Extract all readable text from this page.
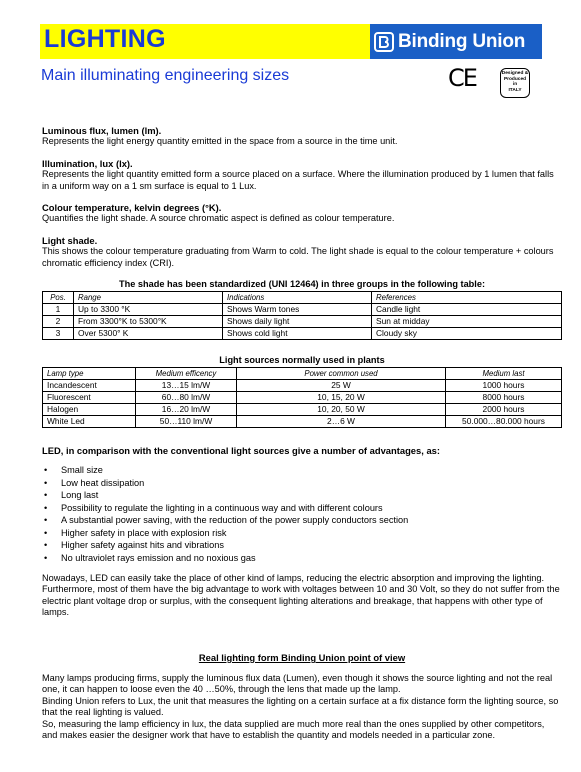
LIGHTING	Binding Union
Main illuminating engineering sizes	CE	Designed &
Produced
in
ITALY

Luminous flux, lumen (lm).

Represents the light energy quantity emitted in the space from a source in the time unit.

Illumination, lux (lx).

Represents the light quantity emitted form a source placed on a surface. Where the illumination produced by 1 lumen that falls in a uniform way on a 1 sm surface is equal to 1 Lux.

Colour temperature, kelvin degrees (°K).

Quantifies the light shade. A source chromatic aspect is defined as colour temperature.

Light shade.

This shows the colour temperature graduating from Warm to cold. The light shade is equal to the colour temperature + colours chromatic efficiency index (CRI).

The shade has been standardized (UNI 12464) in three groups in the following table:
Pos.	Range	Indications	References
1	Up to 3300 °K	Shows Warm tones	Candle light
2	From 3300°K to 5300°K	Shows daily light	Sun at midday
3	Over 5300° K	Shows cold light	Cloudy sky
Light sources normally used in plants
Lamp type	Medium efficency	Power common used	Medium last
Incandescent	13…15 lm/W	25 W	1000 hours
Fluorescent	60…80 lm/W	10, 15, 20 W	8000 hours
Halogen	16…20 lm/W	10, 20, 50 W	2000 hours
White Led	50…110 lm/W	2…6 W	50.000…80.000 hours
LED, in comparison with the conventional light sources give a number of advantages, as:
• Small size
• Low heat dissipation
• Long last
• Possibility to regulate the lighting in a continuous way and with different colours
• A substantial power saving, with the reduction of the power supply conductors section
• Higher safety in place with explosion risk
• Higher safety against hits and vibrations
• No ultraviolet rays emission and no noxious gas

Nowadays, LED can easily take the place of other kind of lamps, reducing the electric absorption and improving the lighting.

Furthermore, most of them have the big advantage to work with voltages between 10 and 30 Volt, so they do not suffer from the electric plant voltage drop or surplus, with the consequent lighting alterations and breakage, that happens with other type of lamps.

Real lighting form Binding Union point of view

Many lamps producing firms, supply the luminous flux data (Lumen), even though it shows the source lighting and not the real one, it can happen to loose even the 40 …50%, through the lens that made up the lamp.

Binding Union refers to Lux, the unit that measures the lighting on a certain surface at a fix distance form the lighting source, so that the real lighting is valued.

So, measuring the lamp efficiency in lux, the data supplied are much more real than the ones supplied by other competitors, and makes easier the designer work that have to establish the quantity and models needed in a particular zone.
